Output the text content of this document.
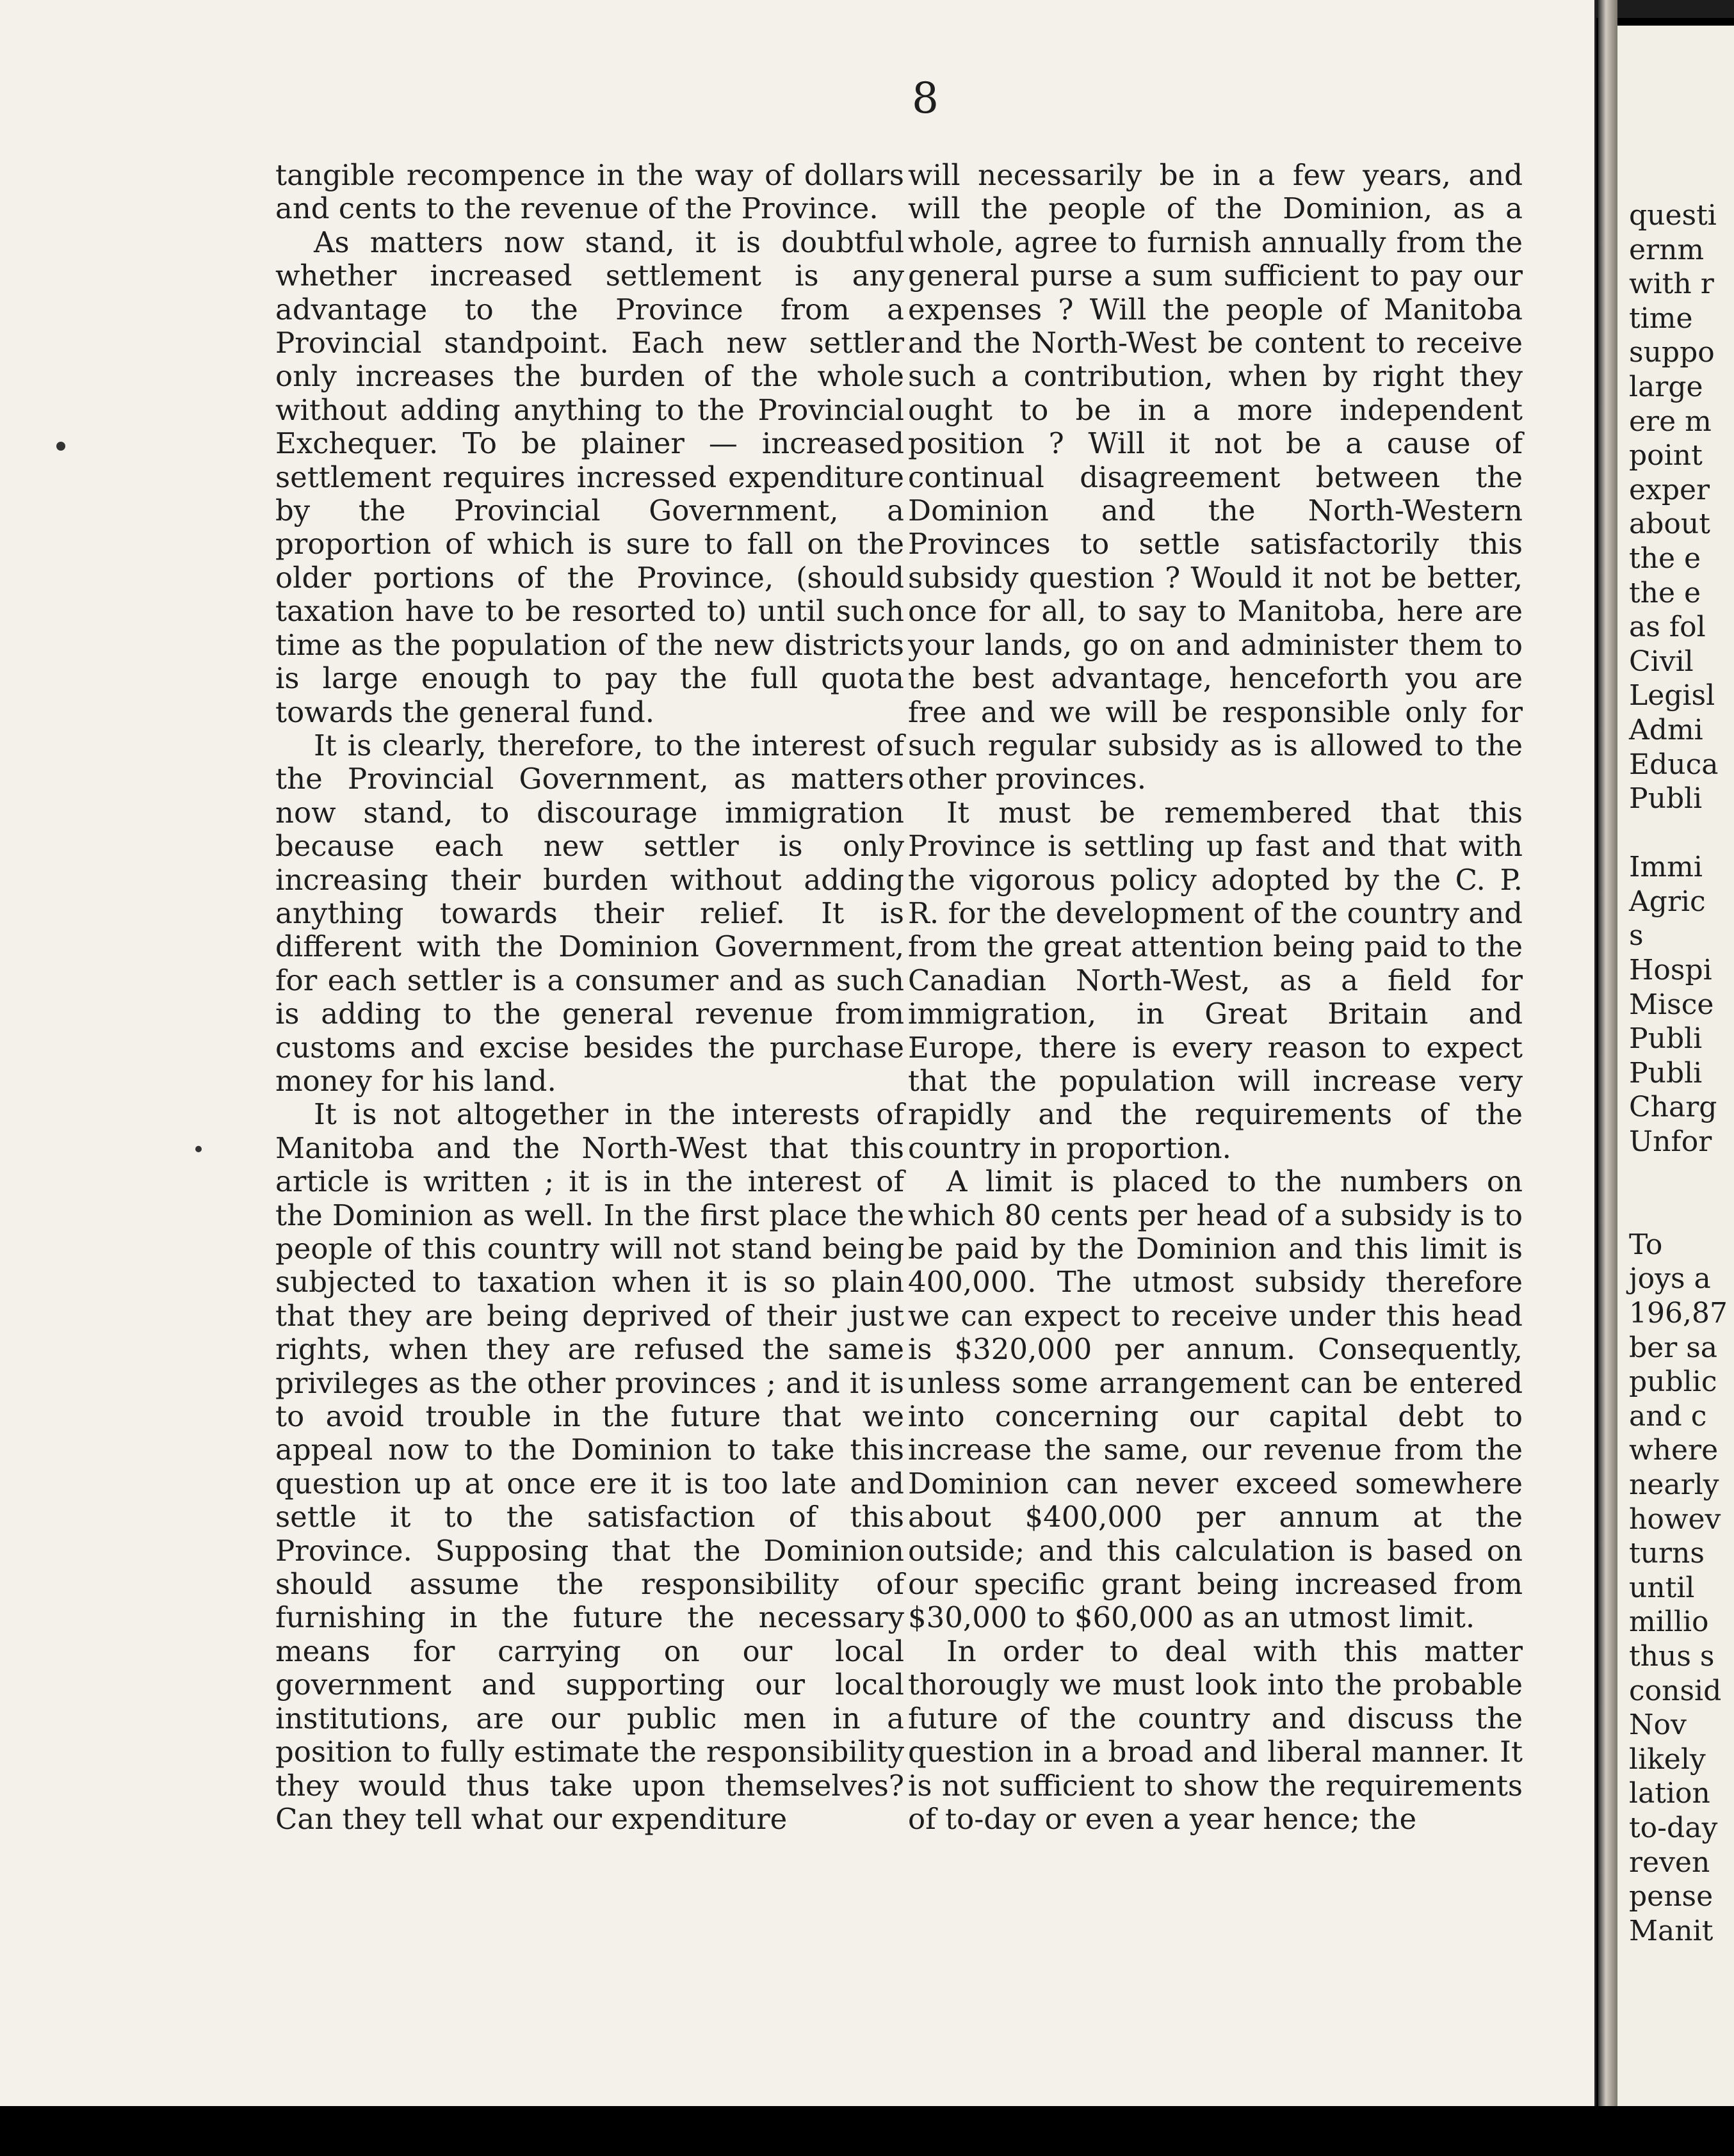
8

tangible recompence in the way of dollars and cents to the revenue of the Province.

As matters now stand, it is doubtful whether increased settlement is any advantage to the Province from a Provincial standpoint. Each new settler only increases the burden of the whole without adding anything to the Provincial Exchequer. To be plainer — increased settlement requires incressed expenditure by the Provincial Government, a proportion of which is sure to fall on the older portions of the Province, (should taxation have to be resorted to) until such time as the population of the new districts is large enough to pay the full quota towards the general fund.

It is clearly, therefore, to the interest of the Provincial Government, as matters now stand, to discourage immigration because each new settler is only increasing their burden without adding anything towards their relief. It is different with the Dominion Government, for each settler is a consumer and as such is adding to the general revenue from customs and excise besides the purchase money for his land.

It is not altogether in the interests of Manitoba and the North-West that this article is written ; it is in the interest of the Dominion as well. In the first place the people of this country will not stand being subjected to taxation when it is so plain that they are being deprived of their just rights, when they are refused the same privileges as the other provinces ; and it is to avoid trouble in the future that we appeal now to the Dominion to take this question up at once ere it is too late and settle it to the satisfaction of this Province. Supposing that the Dominion should assume the responsibility of furnishing in the future the necessary means for carrying on our local government and supporting our local institutions, are our public men in a position to fully estimate the responsibility they would thus take upon themselves? Can they tell what our expenditure

will necessarily be in a few years, and will the people of the Dominion, as a whole, agree to furnish annually from the general purse a sum sufficient to pay our expenses ? Will the people of Manitoba and the North-West be content to receive such a contribution, when by right they ought to be in a more independent position ? Will it not be a cause of continual disagreement between the Dominion and the North-Western Provinces to settle satisfactorily this subsidy question ? Would it not be better, once for all, to say to Manitoba, here are your lands, go on and administer them to the best advantage, henceforth you are free and we will be responsible only for such regular subsidy as is allowed to the other provinces.

It must be remembered that this Province is settling up fast and that with the vigorous policy adopted by the C. P. R. for the development of the country and from the great attention being paid to the Canadian North-West, as a field for immigration, in Great Britain and Europe, there is every reason to expect that the population will increase very rapidly and the requirements of the country in proportion.

A limit is placed to the numbers on which 80 cents per head of a subsidy is to be paid by the Dominion and this limit is 400,000. The utmost subsidy therefore we can expect to receive under this head is $320,000 per annum. Consequently, unless some arrangement can be entered into concerning our capital debt to increase the same, our revenue from the Dominion can never exceed somewhere about $400,000 per annum at the outside; and this calculation is based on our specific grant being increased from $30,000 to $60,000 as an utmost limit.

In order to deal with this matter thorougly we must look into the probable future of the country and discuss the question in a broad and liberal manner. It is not sufficient to show the requirements of to-day or even a year hence; the

questi
ernm
with r
time
suppo
large
ere m
point
exper
about
the e
the e
as fol
Civil
Legisl
Admi
Educa
Publi
Immi
Agric
s
Hospi
Misce
Publi
Publi
Charg
Unfor
To
joys a
196,87
ber sa
public
and c
where
nearly
howev
turns
until
millio
thus s
consid
Nov
likely
lation
to-day
reven
pense
Manit
